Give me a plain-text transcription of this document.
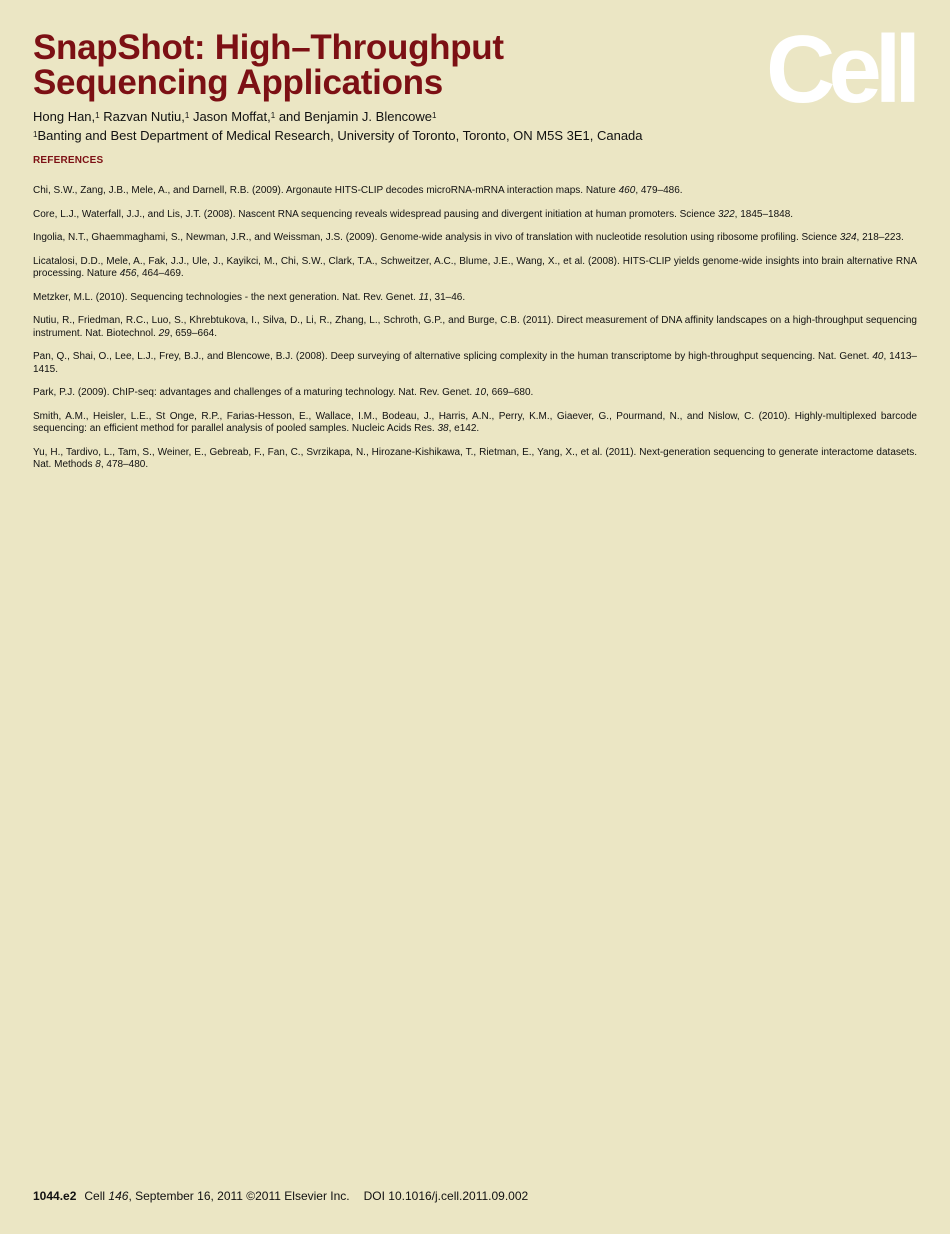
SnapShot: High–Throughput
Sequencing Applications	Cell
Hong Han,$^1$ Razvan Nutiu,$^1$ Jason Moffat,$^1$ and Benjamin J. Blencowe$^1$
$^1$Banting and Best Department of Medical Research, University of Toronto, Toronto, ON M5S 3E1, Canada
REFERENCES
Chi, S.W., Zang, J.B., Mele, A., and Darnell, R.B. (2009). Argonaute HITS-CLIP decodes microRNA-mRNA interaction maps. Nature 460, 479–486.
Core, L.J., Waterfall, J.J., and Lis, J.T. (2008). Nascent RNA sequencing reveals widespread pausing and divergent initiation at human promoters. Science 322, 1845–1848.
Ingolia, N.T., Ghaemmaghami, S., Newman, J.R., and Weissman, J.S. (2009). Genome-wide analysis in vivo of translation with nucleotide resolution using ribosome profiling. Science 324, 218–223.
Licatalosi, D.D., Mele, A., Fak, J.J., Ule, J., Kayikci, M., Chi, S.W., Clark, T.A., Schweitzer, A.C., Blume, J.E., Wang, X., et al. (2008). HITS-CLIP yields genome-wide insights into brain alternative RNA processing. Nature 456, 464–469.
Metzker, M.L. (2010). Sequencing technologies - the next generation. Nat. Rev. Genet. 11, 31–46.
Nutiu, R., Friedman, R.C., Luo, S., Khrebtukova, I., Silva, D., Li, R., Zhang, L., Schroth, G.P., and Burge, C.B. (2011). Direct measurement of DNA affinity landscapes on a high-throughput sequencing instrument. Nat. Biotechnol. 29, 659–664.
Pan, Q., Shai, O., Lee, L.J., Frey, B.J., and Blencowe, B.J. (2008). Deep surveying of alternative splicing complexity in the human transcriptome by high-throughput sequencing. Nat. Genet. 40, 1413–1415.
Park, P.J. (2009). ChIP-seq: advantages and challenges of a maturing technology. Nat. Rev. Genet. 10, 669–680.
Smith, A.M., Heisler, L.E., St Onge, R.P., Farias-Hesson, E., Wallace, I.M., Bodeau, J., Harris, A.N., Perry, K.M., Giaever, G., Pourmand, N., and Nislow, C. (2010). Highly-multiplexed barcode sequencing: an efficient method for parallel analysis of pooled samples. Nucleic Acids Res. 38, e142.
Yu, H., Tardivo, L., Tam, S., Weiner, E., Gebreab, F., Fan, C., Svrzikapa, N., Hirozane-Kishikawa, T., Rietman, E., Yang, X., et al. (2011). Next-generation sequencing to generate interactome datasets. Nat. Methods 8, 478–480.
1044.e2 Cell 146, September 16, 2011 ©2011 Elsevier Inc. DOI 10.1016/j.cell.2011.09.002
